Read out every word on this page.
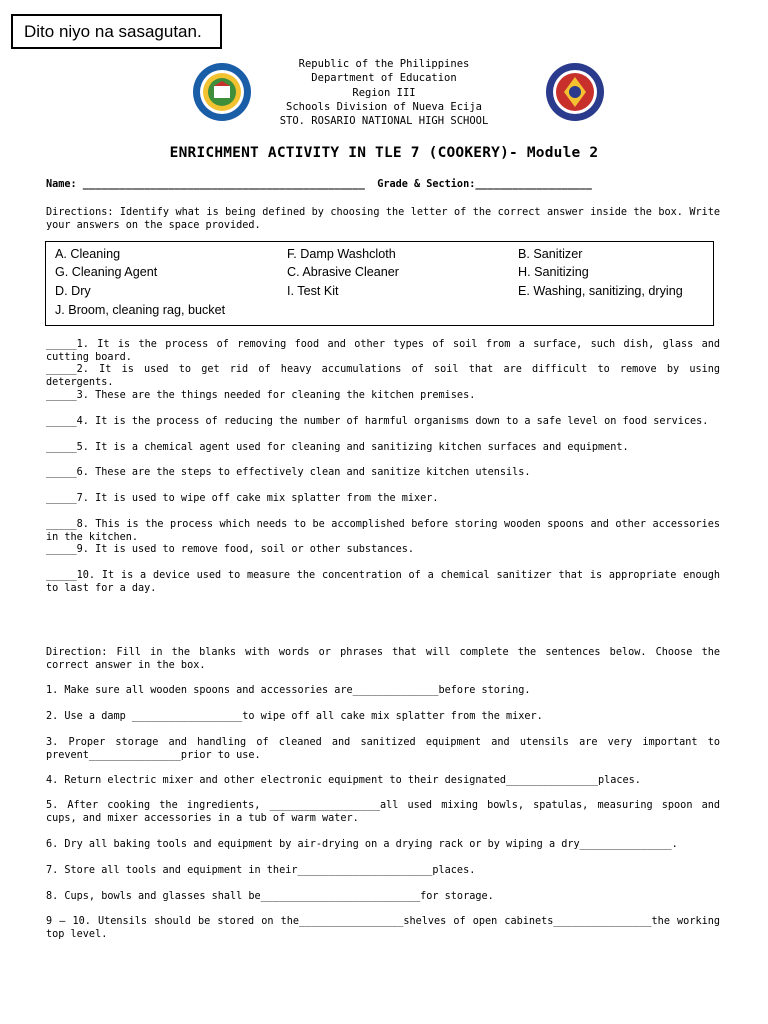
Dito niyo na sasagutan.
Republic of the Philippines
Department of Education
Region III
Schools Division of Nueva Ecija
STO. ROSARIO NATIONAL HIGH SCHOOL
ENRICHMENT ACTIVITY IN TLE 7 (COOKERY)- Module 2
Name: ______________________________________________  Grade & Section:___________________
Directions: Identify what is being defined by choosing the letter of the correct answer inside the box. Write your answers on the space provided.
A. Cleaning	F. Damp Washcloth	B. Sanitizer
G. Cleaning Agent	C. Abrasive Cleaner	H. Sanitizing
D. Dry	I. Test Kit	E. Washing, sanitizing, drying
J. Broom, cleaning rag, bucket
_____1. It is the process of removing food and other types of soil from a surface, such dish, glass and cutting board.
_____2. It is used to get rid of heavy accumulations of soil that are difficult to remove by using detergents.
_____3. These are the things needed for cleaning the kitchen premises.
_____4. It is the process of reducing the number of harmful organisms down to a safe level on food services.
_____5. It is a chemical agent used for cleaning and sanitizing kitchen surfaces and equipment.
_____6. These are the steps to effectively clean and sanitize kitchen utensils.
_____7. It is used to wipe off cake mix splatter from the mixer.
_____8. This is the process which needs to be accomplished before storing wooden spoons and other accessories in the kitchen.
_____9. It is used to remove food, soil or other substances.
_____10. It is a device used to measure the concentration of a chemical sanitizer that is appropriate enough to last for a day.
Direction: Fill in the blanks with words or phrases that will complete the sentences below. Choose the correct answer in the box.
1. Make sure all wooden spoons and accessories are______________before storing.
2. Use a damp __________________to wipe off all cake mix splatter from the mixer.
3. Proper storage and handling of cleaned and sanitized equipment and utensils are very important to prevent_______________prior to use.
4. Return electric mixer and other electronic equipment to their designated_______________places.
5. After cooking the ingredients, __________________all used mixing bowls, spatulas, measuring spoon and cups, and mixer accessories in a tub of warm water.
6. Dry all baking tools and equipment by air-drying on a drying rack or by wiping a dry_______________.
7. Store all tools and equipment in their______________________places.
8. Cups, bowls and glasses shall be__________________________for storage.
9 – 10. Utensils should be stored on the_________________shelves of open cabinets________________the working top level.
